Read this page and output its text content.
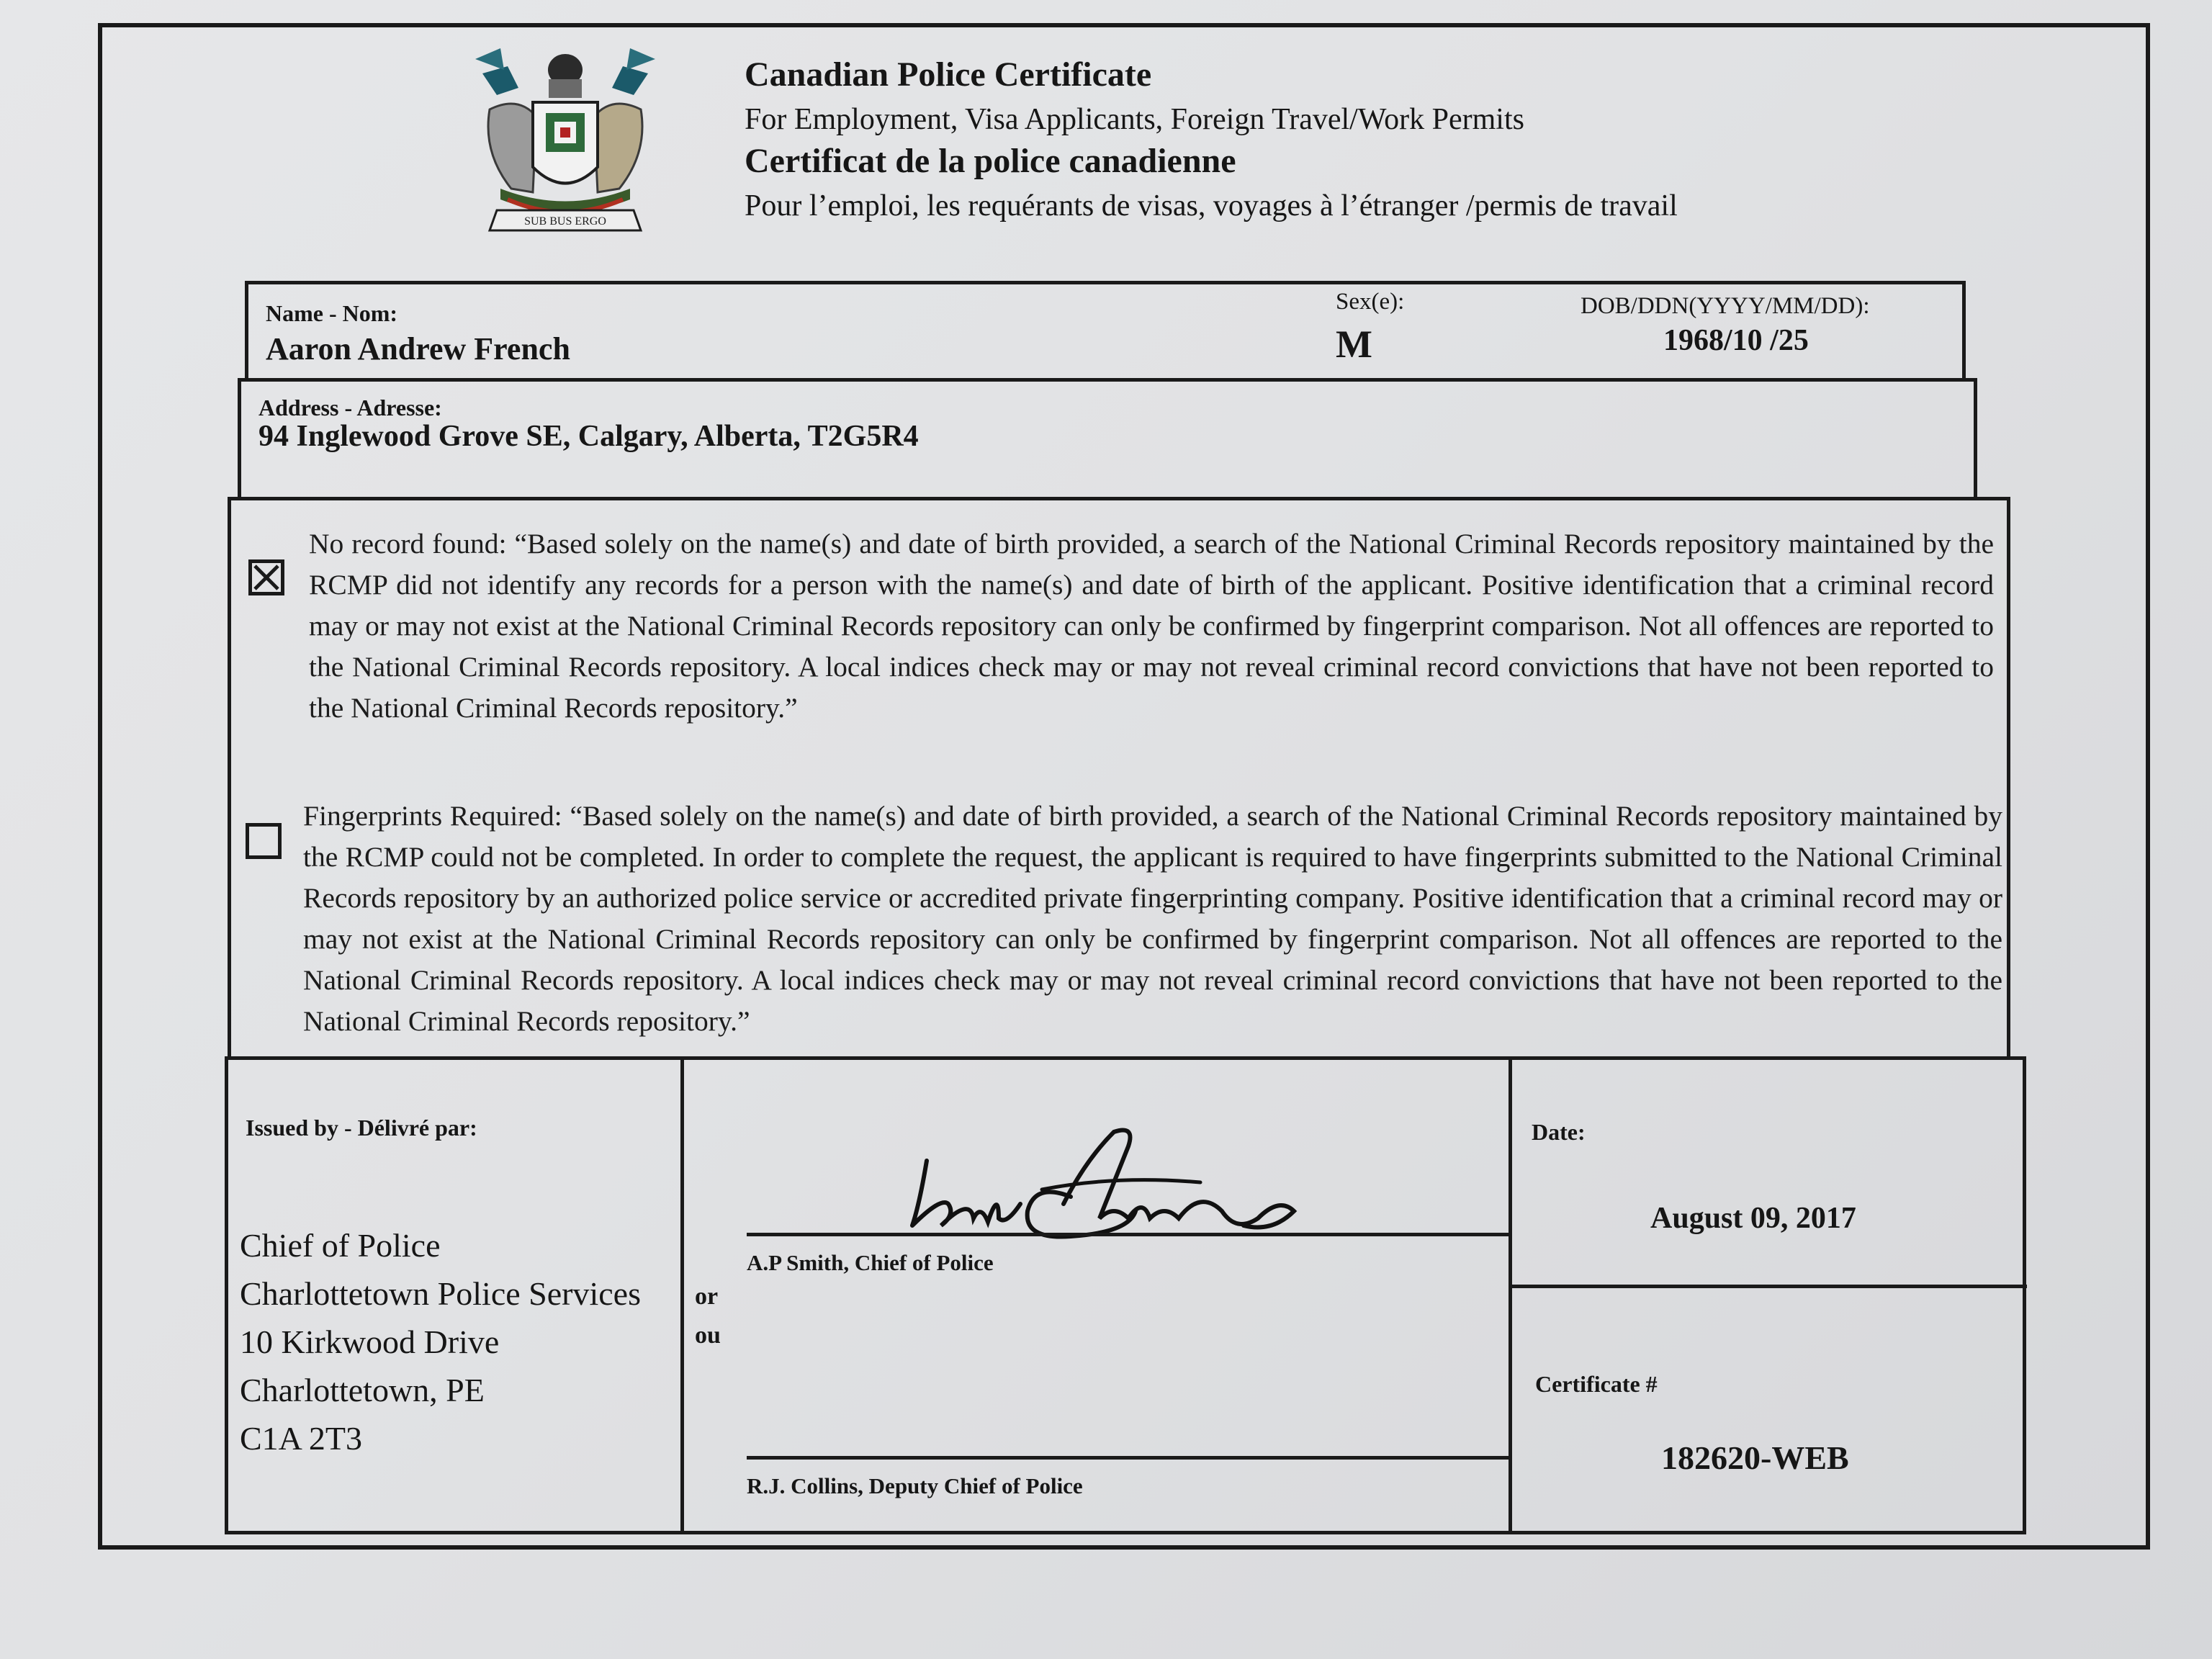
SUB BUS ERGO
Canadian Police Certificate
For Employment, Visa Applicants, Foreign Travel/Work Permits
Certificat de la police canadienne
Pour l’emploi, les requérants de visas, voyages à l’étranger /permis de travail
Name - Nom:
Aaron Andrew French
Sex(e):
M
DOB/DDN(YYYY/MM/DD):
1968/10 /25
Address - Adresse:
94 Inglewood Grove SE, Calgary, Alberta, T2G5R4
No record found: “Based solely on the name(s) and date of birth provided, a search of the National Criminal Records repository maintained by the RCMP did not identify any records for a person with the name(s) and date of birth of the applicant. Positive identification that a criminal record may or may not exist at the National Criminal Records repository can only be confirmed by fingerprint comparison. Not all offences are reported to the National Criminal Records repository. A local indices check may or may not reveal criminal record convictions that have not been reported to the National Criminal Records repository.”
Fingerprints Required: “Based solely on the name(s) and date of birth provided, a search of the National Criminal Records repository maintained by the RCMP could not be completed. In order to complete the request, the applicant is required to have fingerprints submitted to the National Criminal Records repository by an authorized police service or accredited private fingerprinting company. Positive identification that a criminal record may or may not exist at the National Criminal Records repository can only be confirmed by fingerprint comparison. Not all offences are reported to the National Criminal Records repository. A local indices check may or may not reveal criminal record convictions that have not been reported to the National Criminal Records repository.”
Issued by - Délivré par:
Chief of Police
Charlottetown Police Services
10 Kirkwood Drive
Charlottetown, PE
C1A 2T3
A.P Smith, Chief of Police
or
ou
R.J. Collins, Deputy Chief of Police
Date:
August 09, 2017
Certificate #
182620-WEB
